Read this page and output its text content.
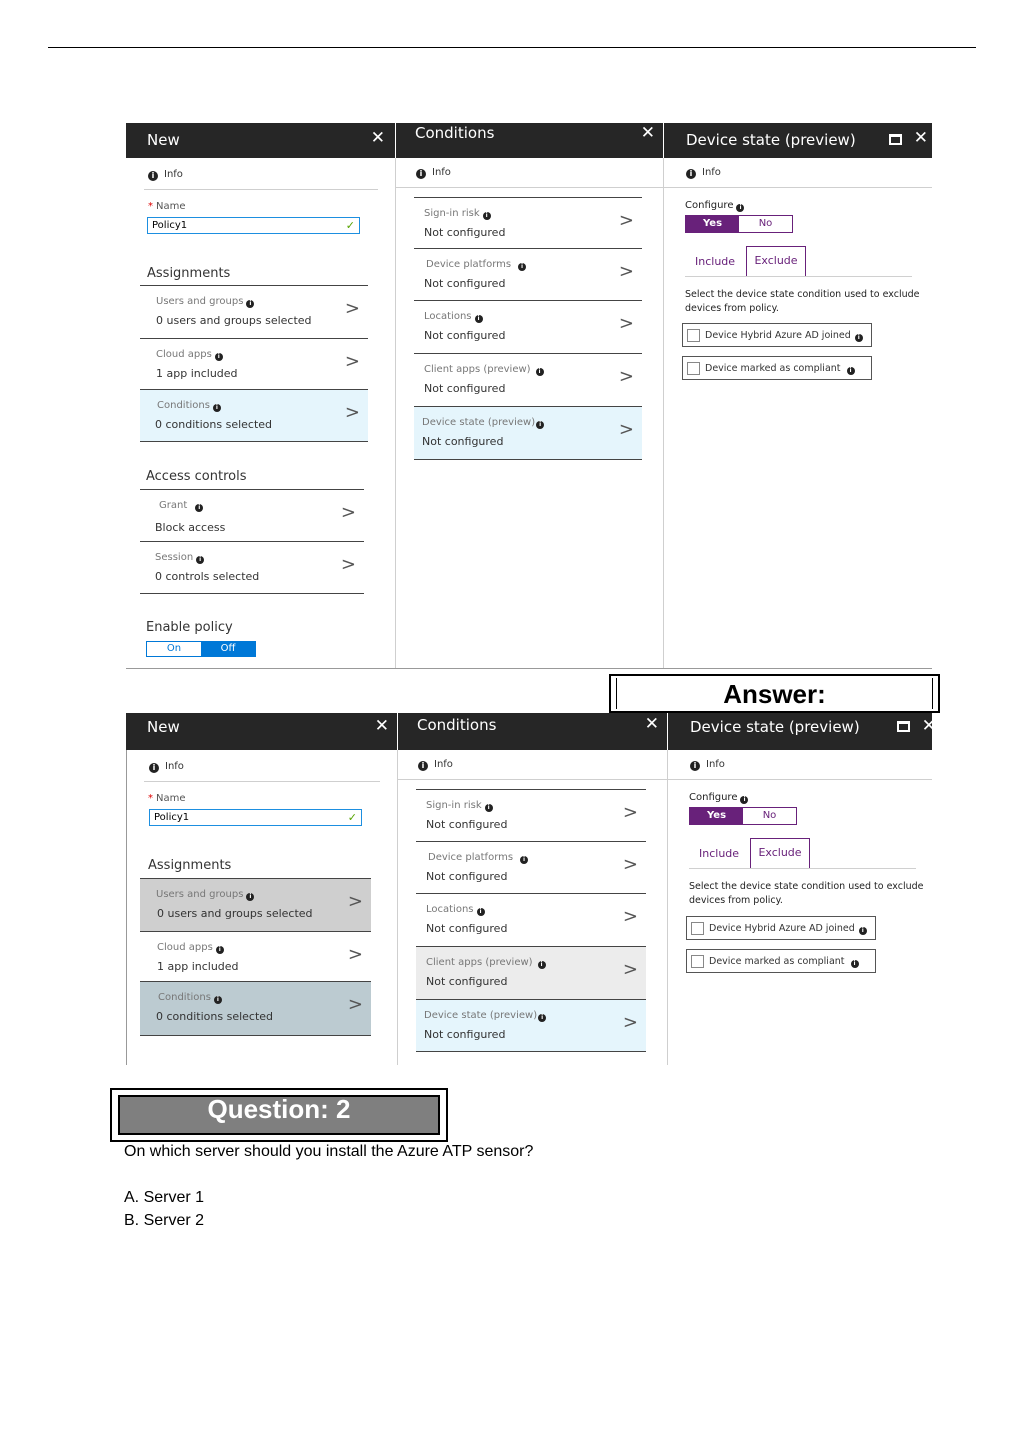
New	✕
i Info
* Name
Policy1	✓
Assignments
Users and groups i
0 users and groups selected
>
Cloud apps i
1 app included
>
Conditions i
0 conditions selected
>
Access controls
Grant i
Block access
>
Session i
0 controls selected
>
Enable policy
On	Off
Conditions	✕
i Info
Sign-in risk i
Not configured
>
Device platforms i
Not configured
>
Locations i
Not configured
>
Client apps (preview) i
Not configured
>
Device state (preview) i
Not configured
>
Device state (preview)	✕
i Info
Configure i
Yes	No
Include	Exclude
Select the device state condition used to exclude devices from policy.
Device Hybrid Azure AD joined i
Device marked as compliant i
Answer:
New	✕
i Info
* Name
Policy1	✓
Assignments
Users and groups i
0 users and groups selected
>
Cloud apps i
1 app included
>
Conditions i
0 conditions selected
>
Conditions	✕
i Info
Sign-in risk i
Not configured
>
Device platforms i
Not configured
>
Locations i
Not configured
>
Client apps (preview) i
Not configured
>
Device state (preview) i
Not configured
>
Device state (preview)	✕
i Info
Configure i
Yes	No
Include	Exclude
Select the device state condition used to exclude devices from policy.
Device Hybrid Azure AD joined i
Device marked as compliant i
Question: 2
On which server should you install the Azure ATP sensor?
A. Server 1
B. Server 2
